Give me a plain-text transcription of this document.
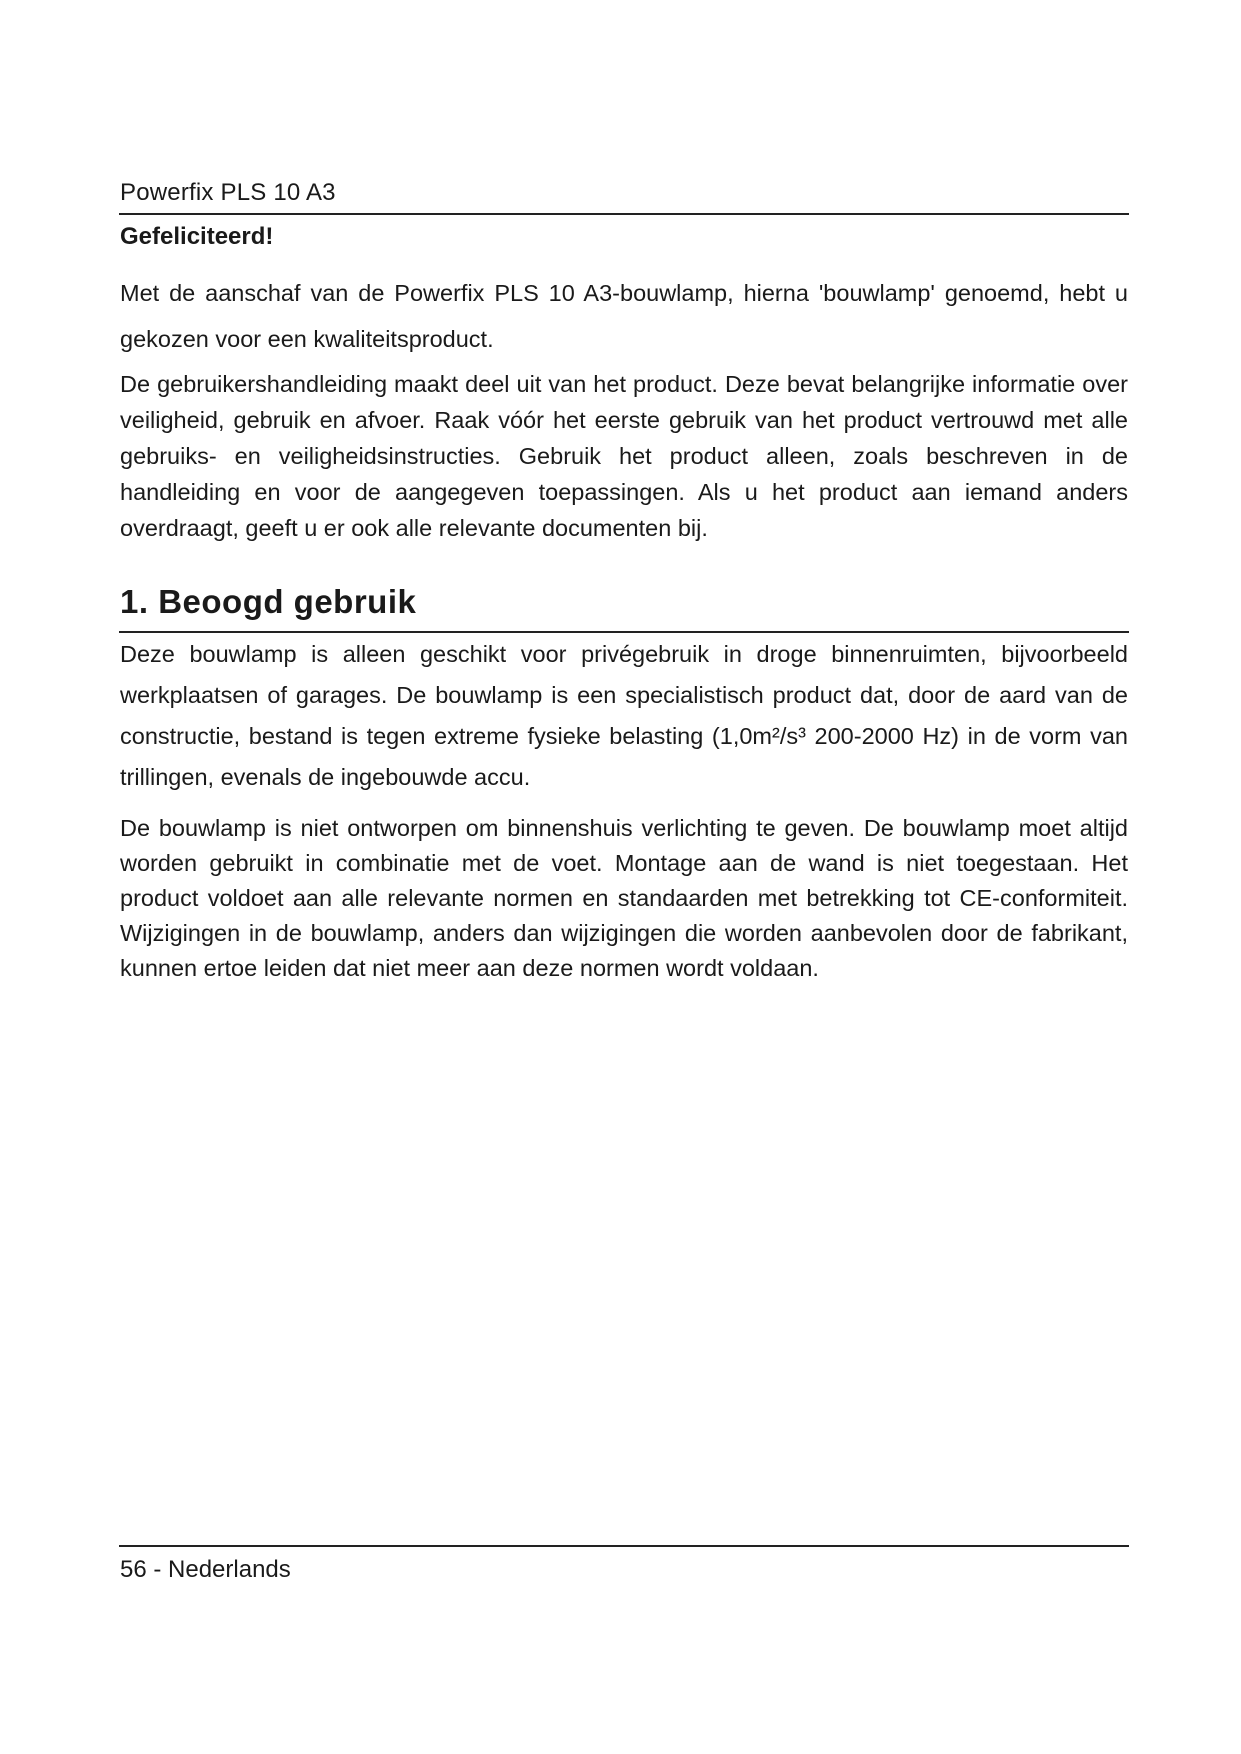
Powerfix PLS 10 A3
Gefeliciteerd!

Met de aanschaf van de Powerfix PLS 10 A3-bouwlamp, hierna 'bouwlamp' genoemd, hebt u gekozen voor een kwaliteitsproduct.

De gebruikershandleiding maakt deel uit van het product. Deze bevat belangrijke informatie over veiligheid, gebruik en afvoer. Raak vóór het eerste gebruik van het product vertrouwd met alle gebruiks- en veiligheidsinstructies. Gebruik het product alleen, zoals beschreven in de handleiding en voor de aangegeven toepassingen. Als u het product aan iemand anders overdraagt, geeft u er ook alle relevante documenten bij.

1. Beoogd gebruik

Deze bouwlamp is alleen geschikt voor privégebruik in droge binnenruimten, bijvoorbeeld werkplaatsen of garages. De bouwlamp is een specialistisch product dat, door de aard van de constructie, bestand is tegen extreme fysieke belasting (1,0m²/s³ 200-2000 Hz) in de vorm van trillingen, evenals de ingebouwde accu.

De bouwlamp is niet ontworpen om binnenshuis verlichting te geven. De bouwlamp moet altijd worden gebruikt in combinatie met de voet. Montage aan de wand is niet toegestaan. Het product voldoet aan alle relevante normen en standaarden met betrekking tot CE-conformiteit. Wijzigingen in de bouwlamp, anders dan wijzigingen die worden aanbevolen door de fabrikant, kunnen ertoe leiden dat niet meer aan deze normen wordt voldaan.

56 - Nederlands
